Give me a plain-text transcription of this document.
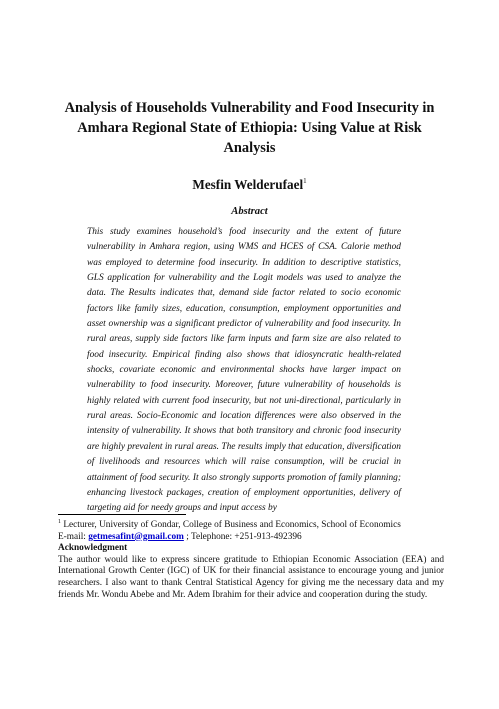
Analysis of Households Vulnerability and Food Insecurity in Amhara Regional State of Ethiopia: Using Value at Risk Analysis
Mesfin Welderufael$^1$
Abstract

This study examines household’s food insecurity and the extent of future vulnerability in Amhara region, using WMS and HCES of CSA. Calorie method was employed to determine food insecurity. In addition to descriptive statistics, GLS application for vulnerability and the Logit models was used to analyze the data. The Results indicates that, demand side factor related to socio economic factors like family sizes, education, consumption, employment opportunities and asset ownership was a significant predictor of vulnerability and food insecurity. In rural areas, supply side factors like farm inputs and farm size are also related to food insecurity. Empirical finding also shows that idiosyncratic health-related shocks, covariate economic and environmental shocks have larger impact on vulnerability to food insecurity. Moreover, future vulnerability of households is highly related with current food insecurity, but not uni-directional, particularly in rural areas. Socio-Economic and location differences were also observed in the intensity of vulnerability. It shows that both transitory and chronic food insecurity are highly prevalent in rural areas. The results imply that education, diversification of livelihoods and resources which will raise consumption, will be crucial in attainment of food security. It also strongly supports promotion of family planning; enhancing livestock packages, creation of employment opportunities, delivery of targeting aid for needy groups and input access by

$^1$ Lecturer, University of Gondar, College of Business and Economics, School of Economics

E-mail: getmesafint@gmail.com ; Telephone: +251-913-492396

Acknowledgment

The author would like to express sincere gratitude to Ethiopian Economic Association (EEA) and International Growth Center (IGC) of UK for their financial assistance to encourage young and junior researchers. I also want to thank Central Statistical Agency for giving me the necessary data and my friends Mr. Wondu Abebe and Mr. Adem Ibrahim for their advice and cooperation during the study.
